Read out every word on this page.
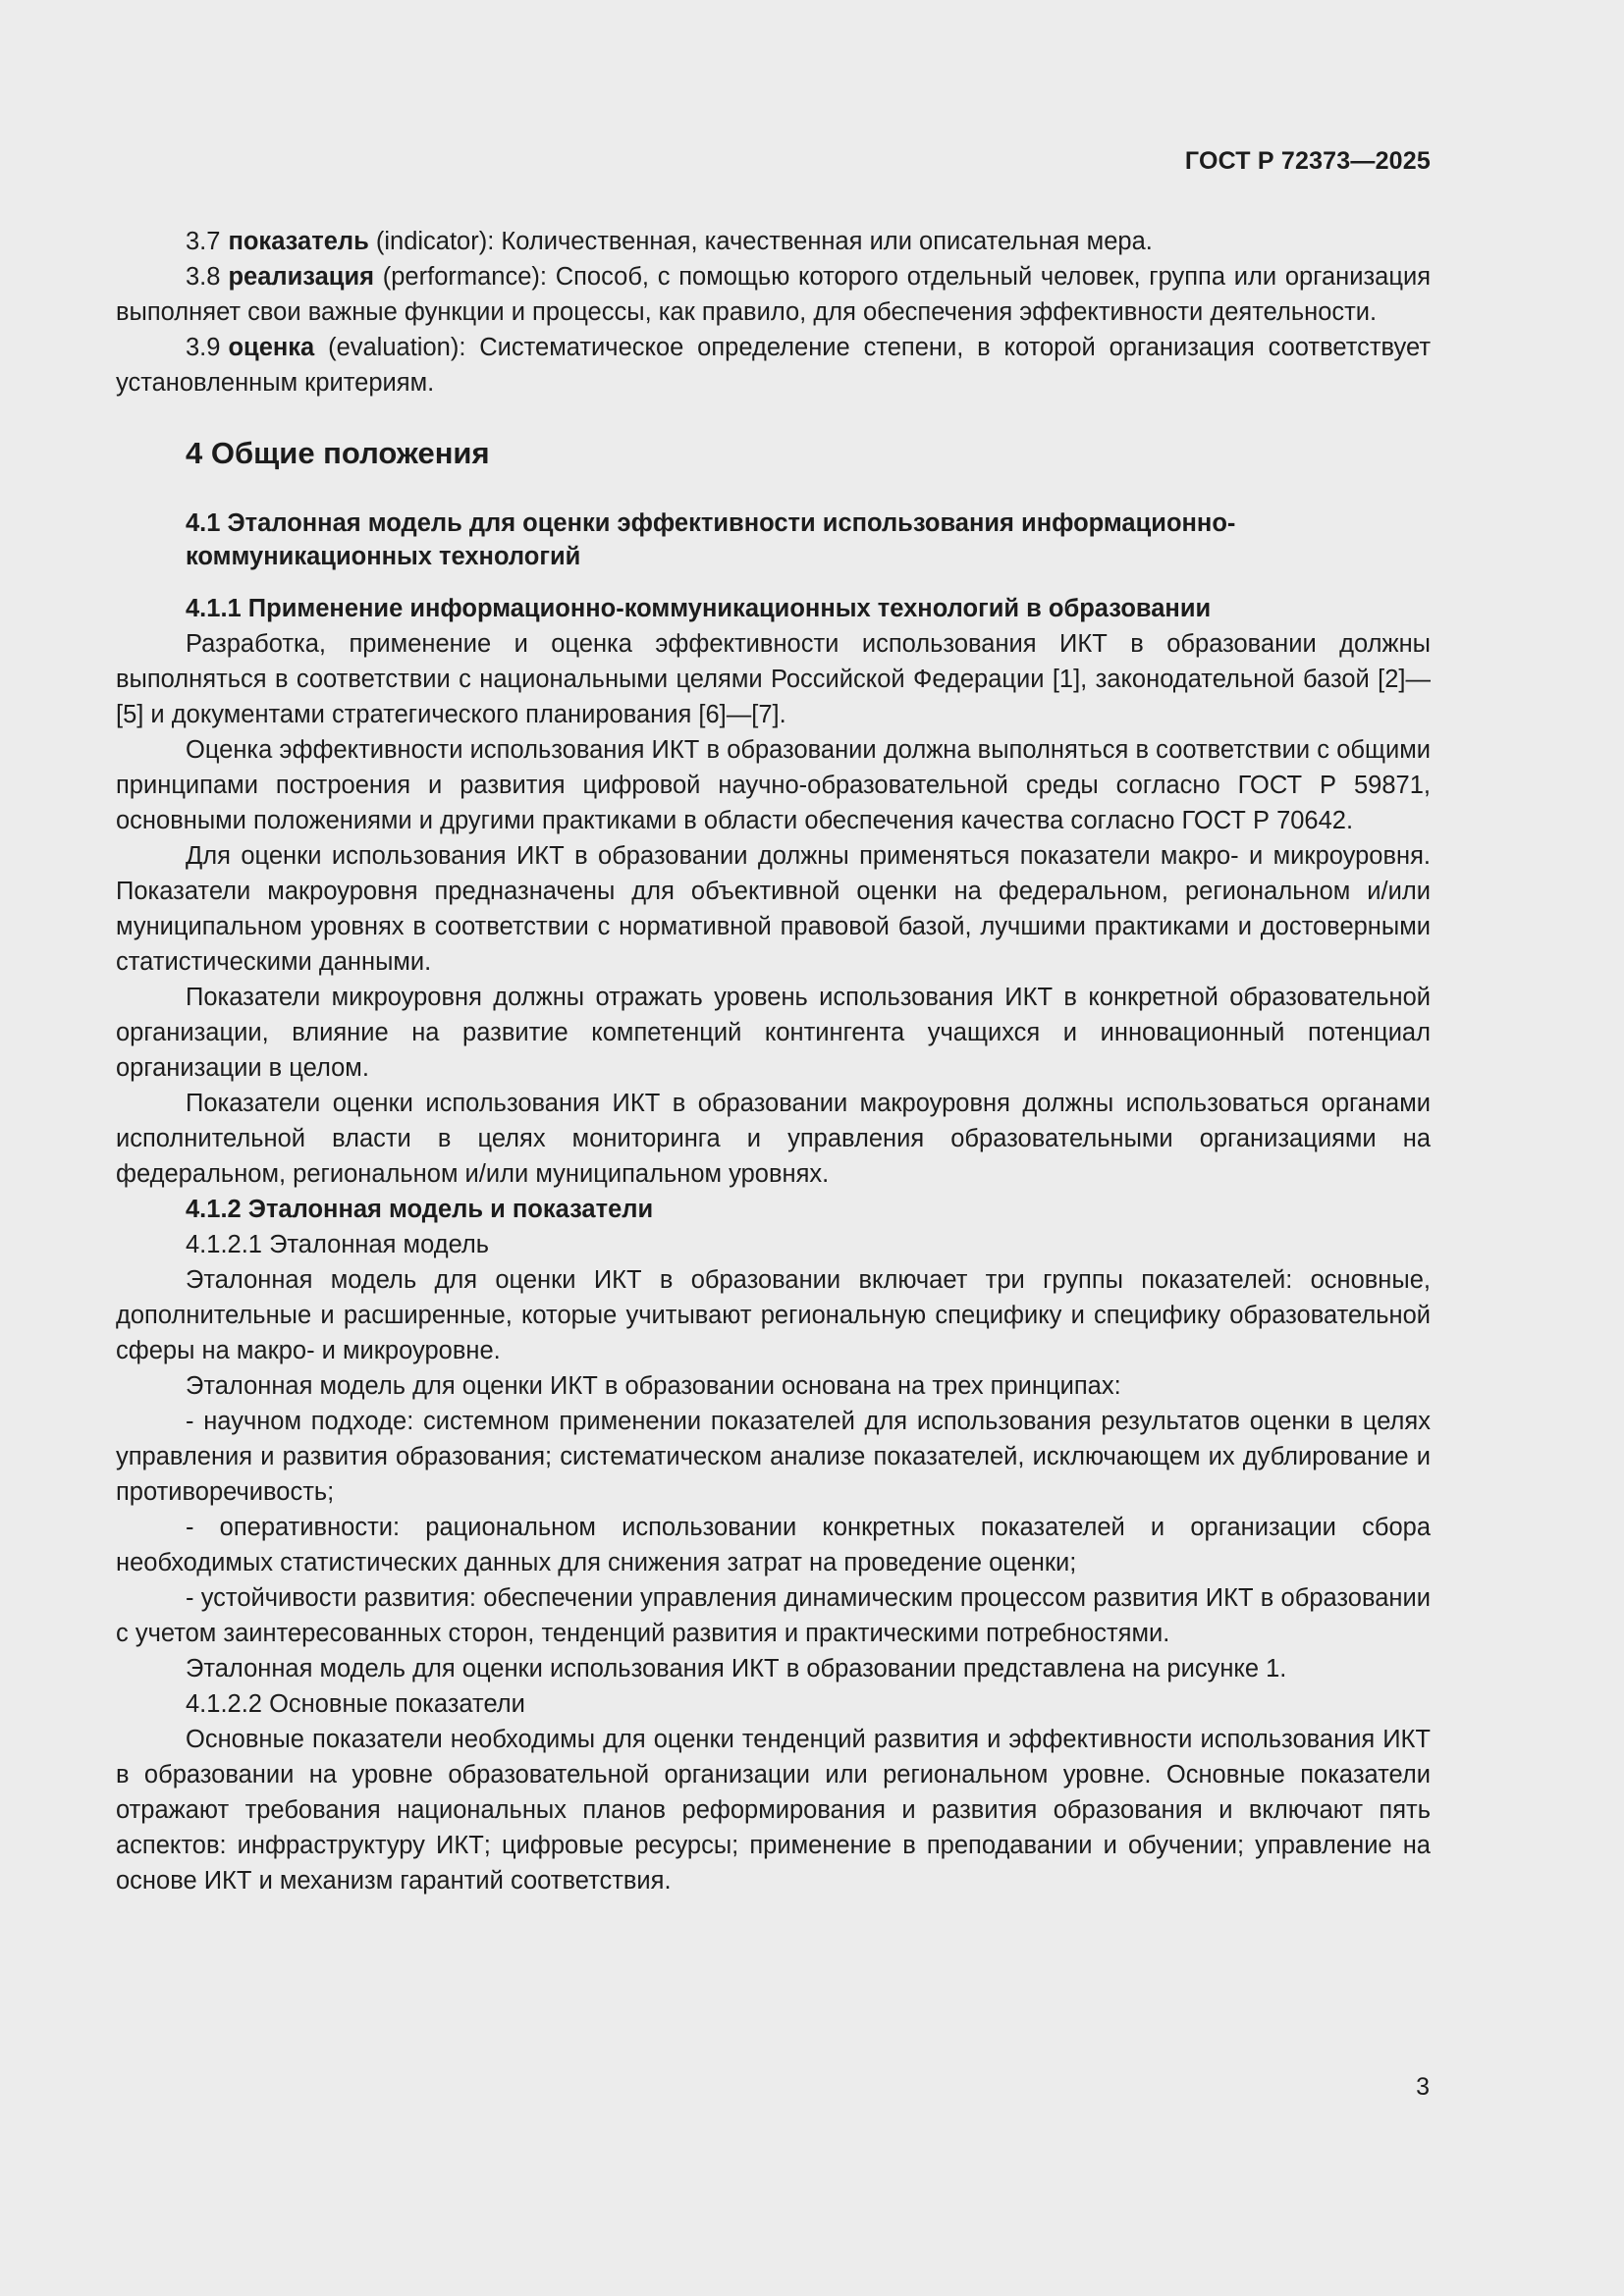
ГОСТ Р 72373—2025

3.7 показатель (indicator): Количественная, качественная или описательная мера.

3.8 реализация (performance): Способ, с помощью которого отдельный человек, группа или организация выполняет свои важные функции и процессы, как правило, для обеспечения эффективности деятельности.

3.9 оценка (evaluation): Систематическое определение степени, в которой организация соответствует установленным критериям.

4 Общие положения
4.1 Эталонная модель для оценки эффективности использования информационно-коммуникационных технологий

4.1.1 Применение информационно-коммуникационных технологий в образовании

Разработка, применение и оценка эффективности использования ИКТ в образовании должны выполняться в соответствии с национальными целями Российской Федерации [1], законодательной базой [2]—[5] и документами стратегического планирования [6]—[7].

Оценка эффективности использования ИКТ в образовании должна выполняться в соответствии с общими принципами построения и развития цифровой научно-образовательной среды согласно ГОСТ Р 59871, основными положениями и другими практиками в области обеспечения качества согласно ГОСТ Р 70642.

Для оценки использования ИКТ в образовании должны применяться показатели макро- и микроуровня. Показатели макроуровня предназначены для объективной оценки на федеральном, региональном и/или муниципальном уровнях в соответствии с нормативной правовой базой, лучшими практиками и достоверными статистическими данными.

Показатели микроуровня должны отражать уровень использования ИКТ в конкретной образовательной организации, влияние на развитие компетенций контингента учащихся и инновационный потенциал организации в целом.

Показатели оценки использования ИКТ в образовании макроуровня должны использоваться органами исполнительной власти в целях мониторинга и управления образовательными организациями на федеральном, региональном и/или муниципальном уровнях.

4.1.2 Эталонная модель и показатели

4.1.2.1 Эталонная модель

Эталонная модель для оценки ИКТ в образовании включает три группы показателей: основные, дополнительные и расширенные, которые учитывают региональную специфику и специфику образовательной сферы на макро- и микроуровне.

Эталонная модель для оценки ИКТ в образовании основана на трех принципах:

- научном подходе: системном применении показателей для использования результатов оценки в целях управления и развития образования; систематическом анализе показателей, исключающем их дублирование и противоречивость;

- оперативности: рациональном использовании конкретных показателей и организации сбора необходимых статистических данных для снижения затрат на проведение оценки;

- устойчивости развития: обеспечении управления динамическим процессом развития ИКТ в образовании с учетом заинтересованных сторон, тенденций развития и практическими потребностями.

Эталонная модель для оценки использования ИКТ в образовании представлена на рисунке 1.

4.1.2.2 Основные показатели

Основные показатели необходимы для оценки тенденций развития и эффективности использования ИКТ в образовании на уровне образовательной организации или региональном уровне. Основные показатели отражают требования национальных планов реформирования и развития образования и включают пять аспектов: инфраструктуру ИКТ; цифровые ресурсы; применение в преподавании и обучении; управление на основе ИКТ и механизм гарантий соответствия.

3
